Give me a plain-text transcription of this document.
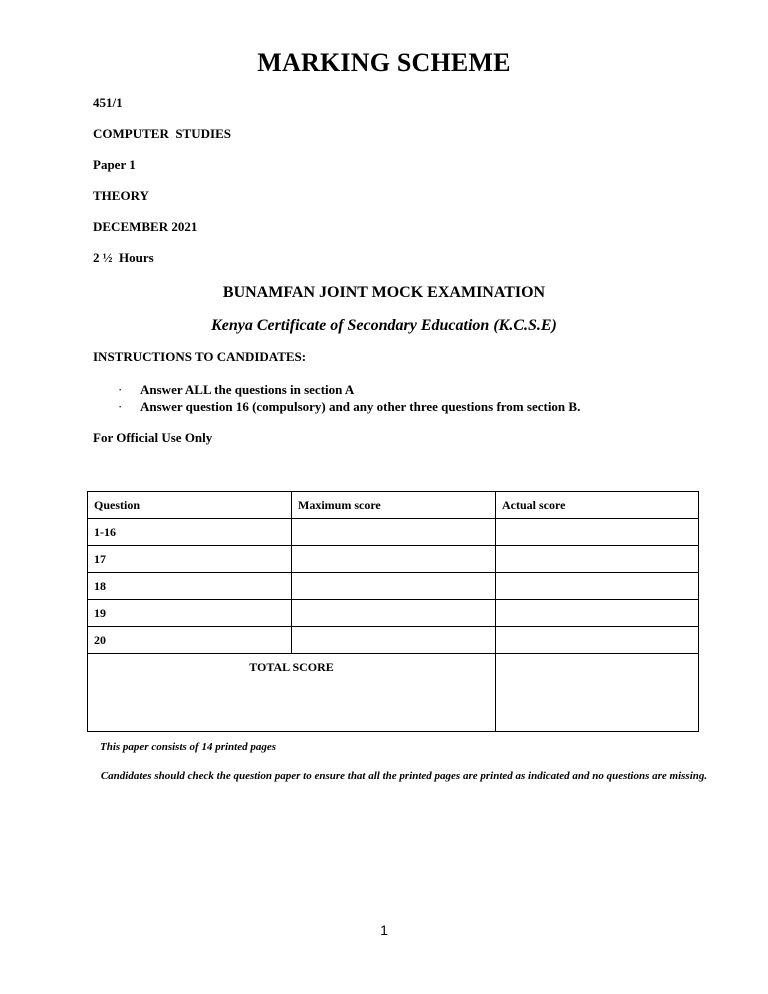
MARKING SCHEME
451/1
COMPUTER  STUDIES
Paper 1
THEORY
DECEMBER 2021
2 ½  Hours
BUNAMFAN JOINT MOCK EXAMINATION
Kenya Certificate of Secondary Education (K.C.S.E)
INSTRUCTIONS TO CANDIDATES:
· Answer ALL the questions in section A
· Answer question 16 (compulsory) and any other three questions from section B.
For Official Use Only
Question	Maximum score	Actual score
1-16		
17		
18		
19		
20		
TOTAL SCORE		
This paper consists of 14 printed pages
Candidates should check the question paper to ensure that all the printed pages are printed as indicated and no questions are missing.
1
